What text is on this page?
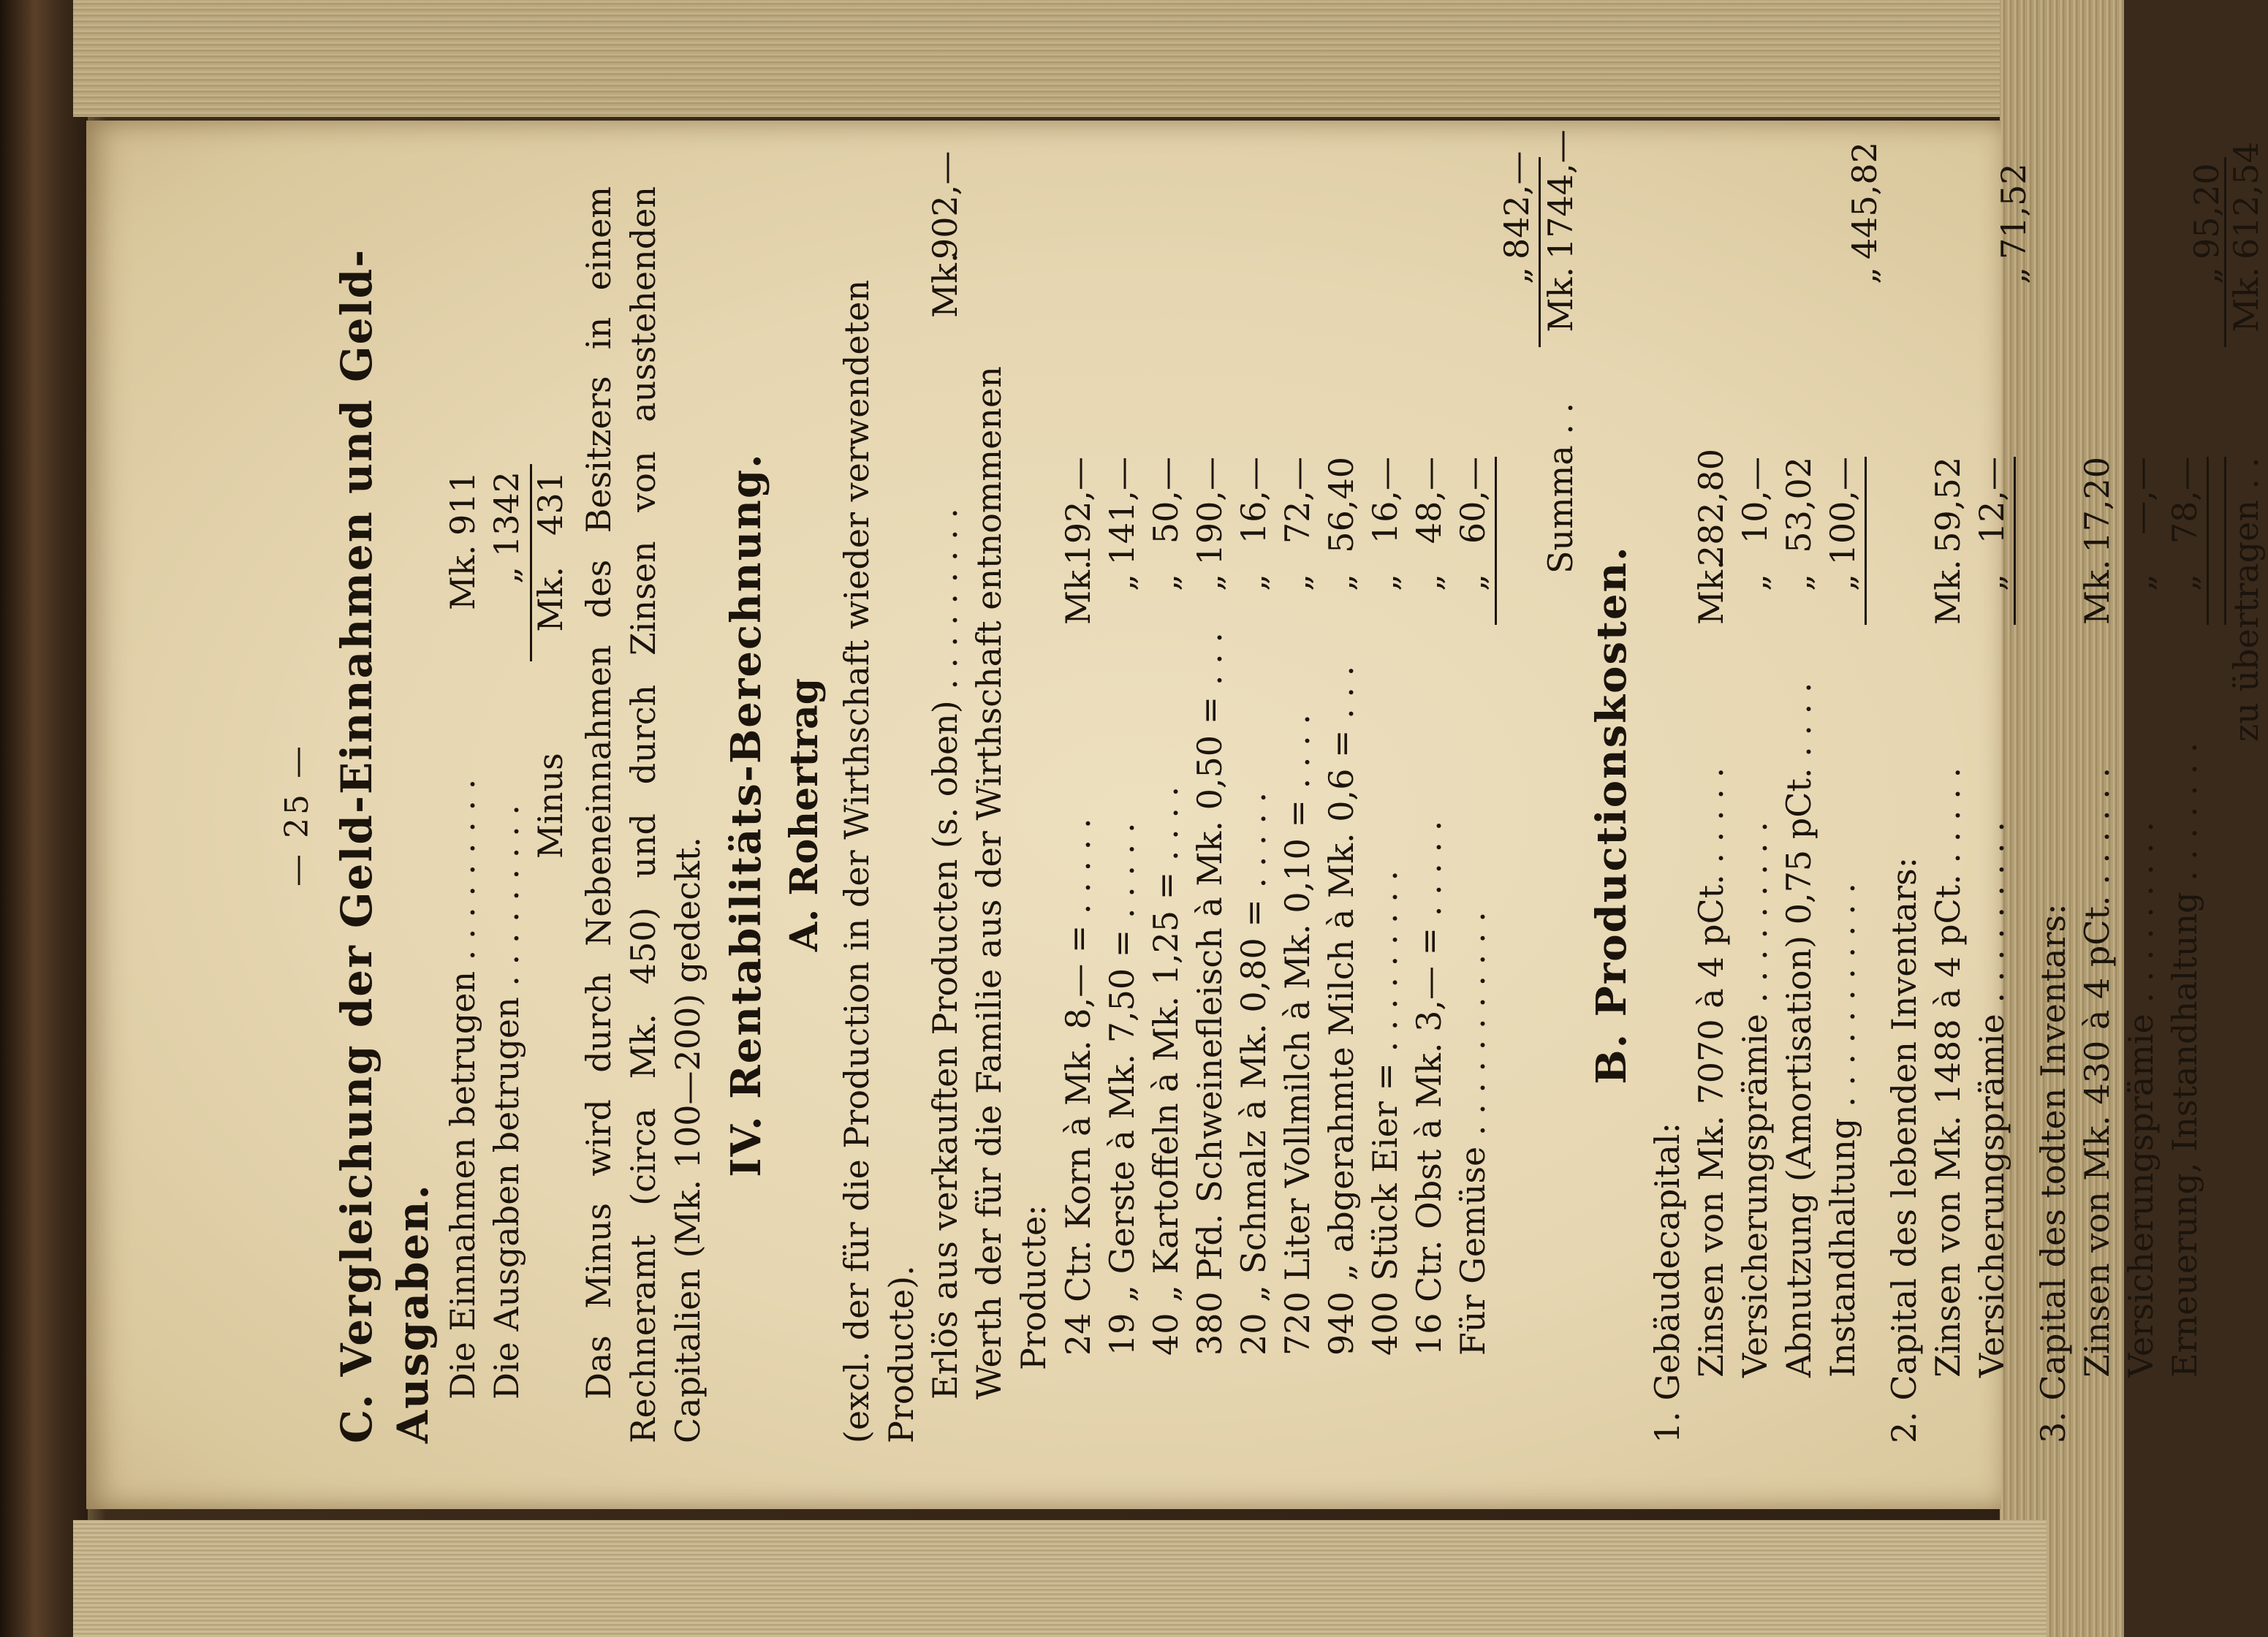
— 25 — C. Vergleichung der Geld-Einnahmen und Geld-Ausgaben. Die Einnahmen betrugen . . . . . . . . .
Mk.
911
Die Ausgaben betrugen . . . . . . . . .
„
1342
Minus
Mk.
431 Das Minus wird durch Nebeneinnahmen des Besitzers in einem Rechneramt (circa Mk. 450) und durch Zinsen von ausstehenden Capitalien (Mk. 100—200) gedeckt. IV. Rentabilitäts-Berechnung. A. Rohertrag (excl. der für die Production in der Wirthschaft wieder verwendeten Producte). Erlös aus verkauften Producten (s. oben) . . . . . . . . .
Mk.
902,—
Werth der für die Familie aus der Wirthschaft entnommenen Producte: 24 Ctr. Korn à Mk. 8,— = . . . . .
Mk.
192,—
19 „ Gerste à Mk. 7,50 = . . . . .
„
141,—
40 „ Kartoffeln à Mk. 1,25 = . . . .
„
50,—
380 Pfd. Schweinefleisch à Mk. 0,50 = . . .
„
190,—
20 „ Schmalz à Mk. 0,80 = . . . . .
„
16,—
720 Liter Vollmilch à Mk. 0,10 = . . . .
„
72,—
940 „ abgerahmte Milch à Mk. 0,6 = . . .
„
56,40
400 Stück Eier = . . . . . . . . .
„
16,—
16 Ctr. Obst à Mk. 3,— = . . . . .
„
48,—
Für Gemüse . . . . . . . . . . .
„
60,—
„
842,—
Summa . .
Mk.
1744,—
B. Productionskosten.
1. Gebäudecapital: Zinsen von Mk. 7070 à 4 pCt. . . . . .
Mk.
282,80
Versicherungsprämie . . . . . . . . .
„
10,—
Abnutzung (Amortisation) 0,75 pCt. . . . .
„
53,02
Instandhaltung . . . . . . . . . . .
„
100,—
„
445,82
2. Capital des lebenden Inventars: Zinsen von Mk. 1488 à 4 pCt. . . . . .
Mk.
59,52
Versicherungsprämie . . . . . . . . .
„
12,—
„
71,52
3. Capital des todten Inventars: Zinsen von Mk. 430 à 4 pCt. . . . . . .
Mk.
17,20
Versicherungsprämie . . . . . . . . .
„
—,—
Erneuerung, Instandhaltung . . . . . . .
„
78,—
„
95,20
zu übertragen . .
Mk.
612,54
